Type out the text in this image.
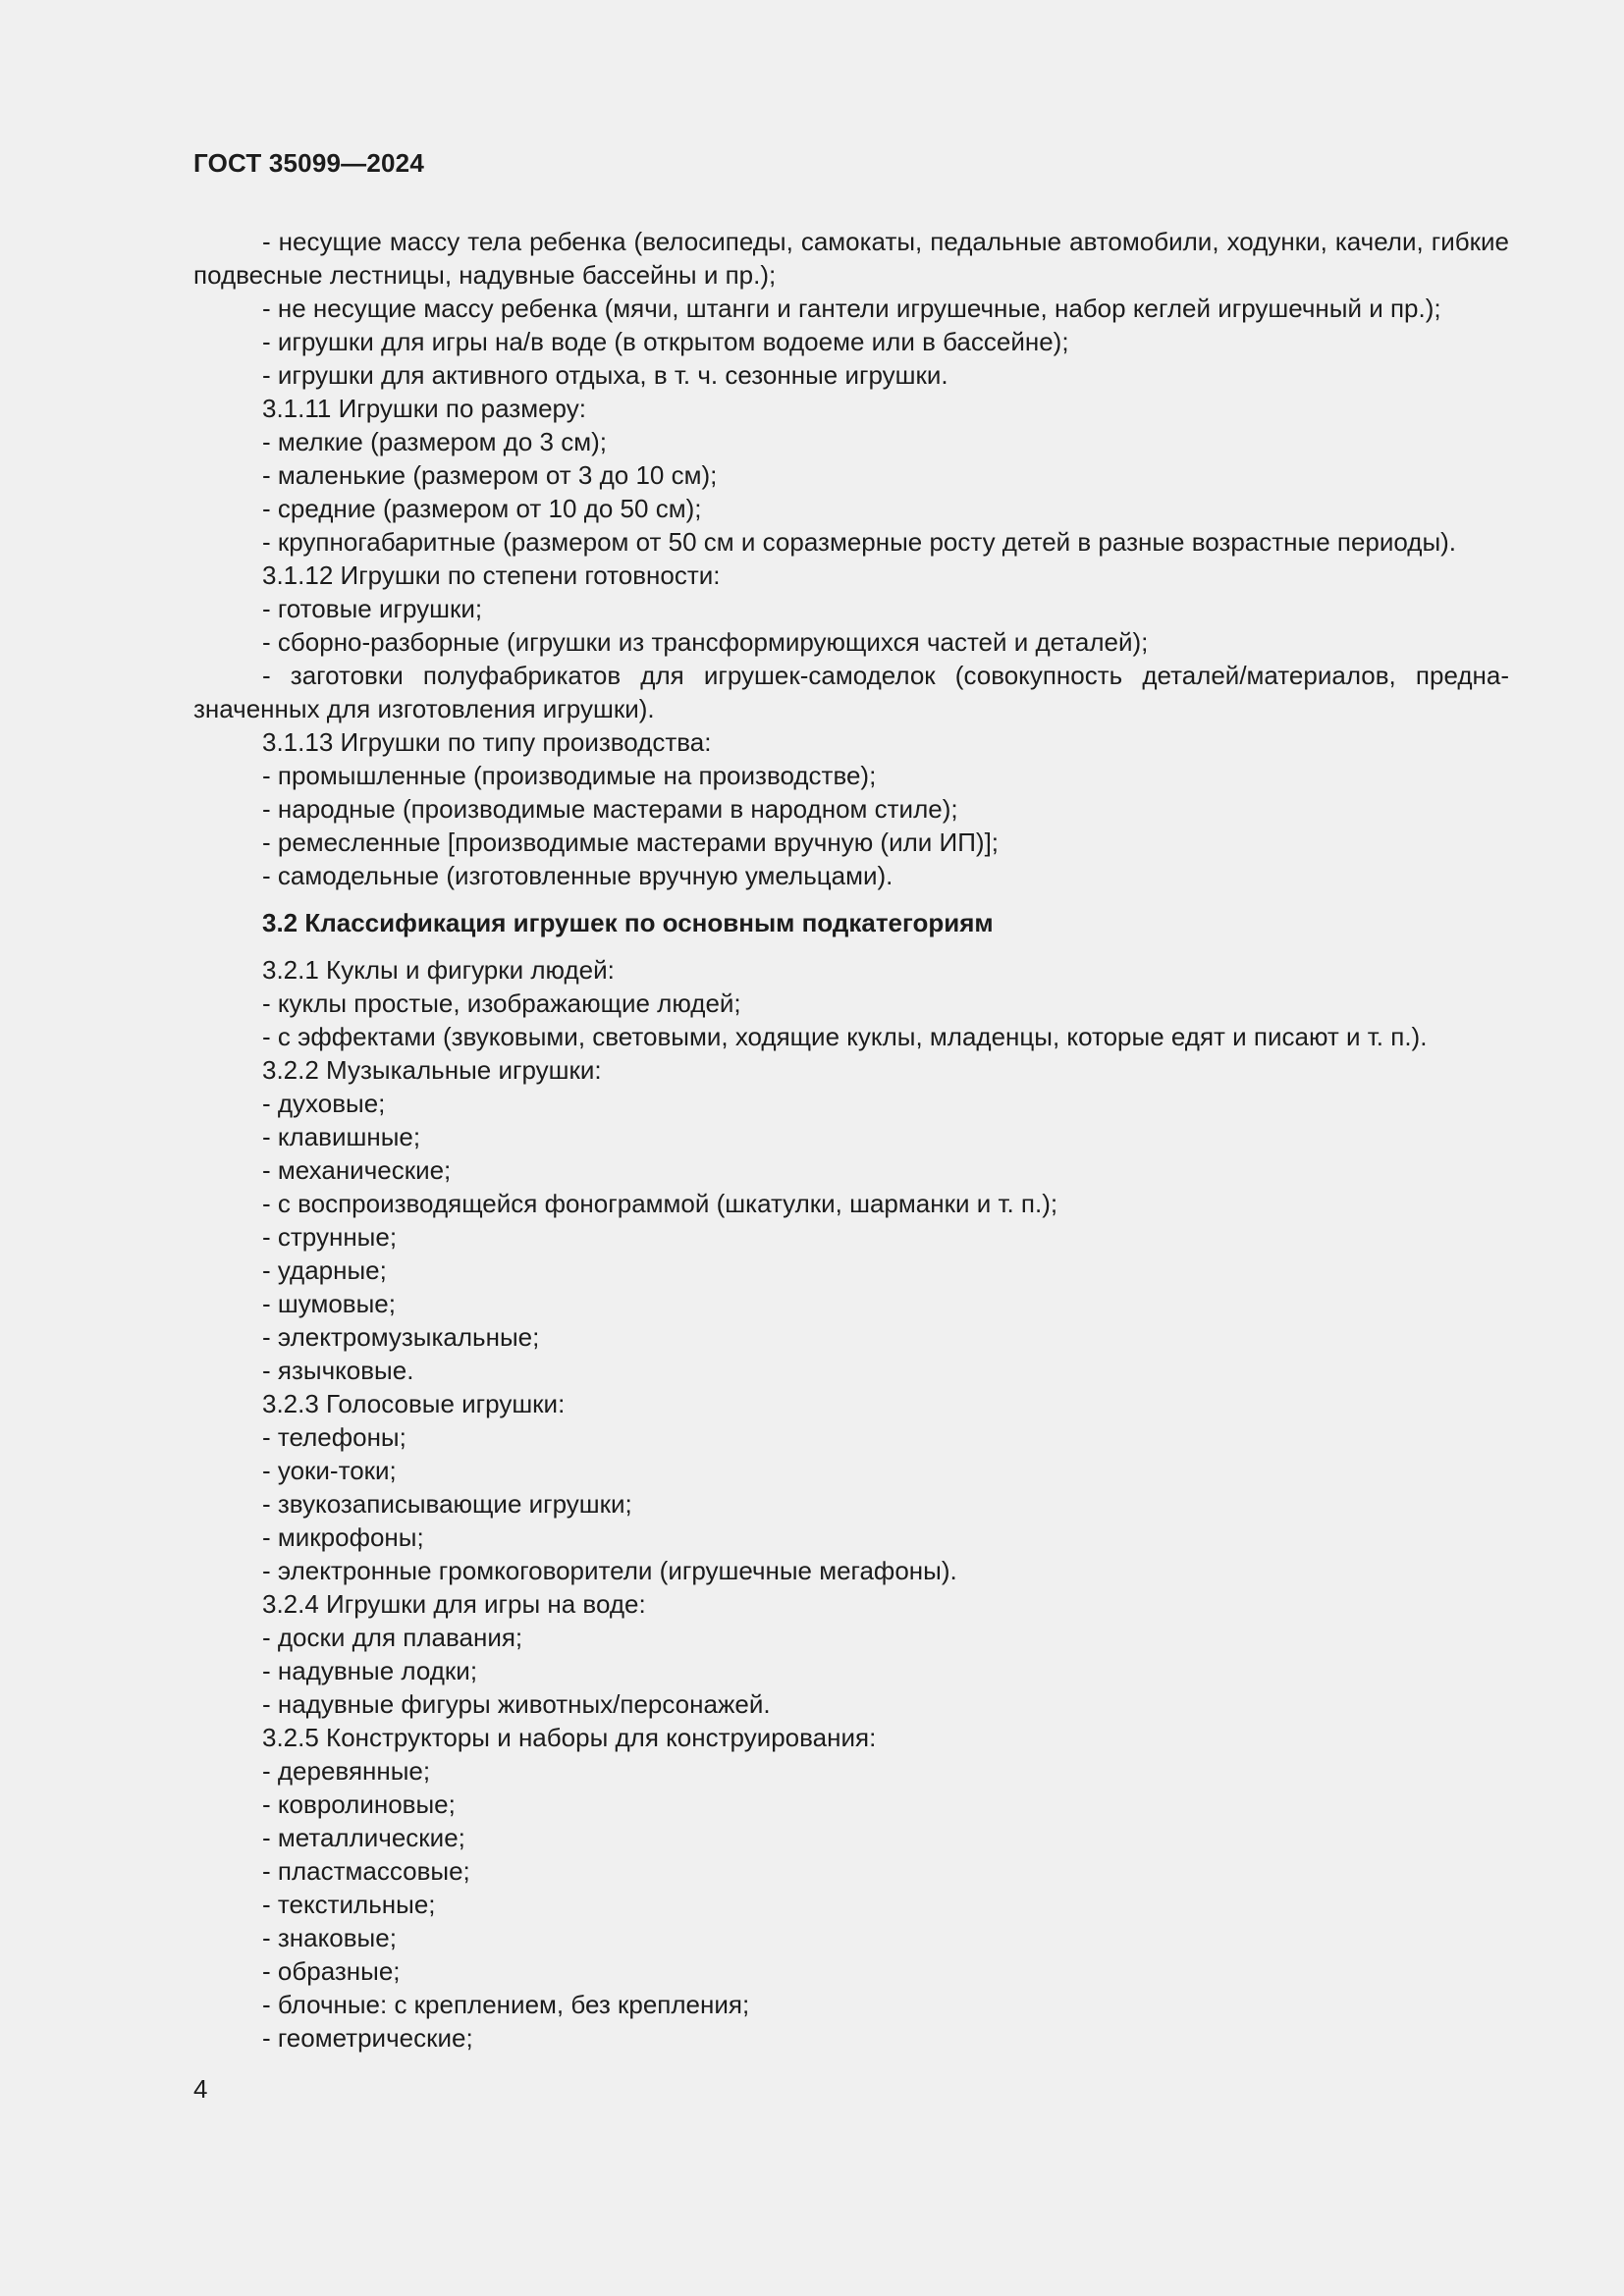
ГОСТ 35099—2024
- несущие массу тела ребенка (велосипеды, самокаты, педальные автомобили, ходунки, качели, гибкие подвесные лестницы, надувные бассейны и пр.);
- не несущие массу ребенка (мячи, штанги и гантели игрушечные, набор кеглей игрушечный и пр.);
- игрушки для игры на/в воде (в открытом водоеме или в бассейне);
- игрушки для активного отдыха, в т. ч. сезонные игрушки.
3.1.11 Игрушки по размеру:
- мелкие (размером до 3 см);
- маленькие (размером от 3 до 10 см);
- средние (размером от 10 до 50 см);
- крупногабаритные (размером от 50 см и соразмерные росту детей в разные возрастные периоды).
3.1.12 Игрушки по степени готовности:
- готовые игрушки;
- сборно-разборные (игрушки из трансформирующихся частей и деталей);
- заготовки полуфабрикатов для игрушек-самоделок (совокупность деталей/материалов, предназначенных для изготовления игрушки).
3.1.13 Игрушки по типу производства:
- промышленные (производимые на производстве);
- народные (производимые мастерами в народном стиле);
- ремесленные [производимые мастерами вручную (или ИП)];
- самодельные (изготовленные вручную умельцами).
3.2 Классификация игрушек по основным подкатегориям
3.2.1 Куклы и фигурки людей:
- куклы простые, изображающие людей;
- с эффектами (звуковыми, световыми, ходящие куклы, младенцы, которые едят и писают и т. п.).
3.2.2 Музыкальные игрушки:
- духовые;
- клавишные;
- механические;
- с воспроизводящейся фонограммой (шкатулки, шарманки и т. п.);
- струнные;
- ударные;
- шумовые;
- электромузыкальные;
- язычковые.
3.2.3 Голосовые игрушки:
- телефоны;
- уоки-токи;
- звукозаписывающие игрушки;
- микрофоны;
- электронные громкоговорители (игрушечные мегафоны).
3.2.4 Игрушки для игры на воде:
- доски для плавания;
- надувные лодки;
- надувные фигуры животных/персонажей.
3.2.5 Конструкторы и наборы для конструирования:
- деревянные;
- ковролиновые;
- металлические;
- пластмассовые;
- текстильные;
- знаковые;
- образные;
- блочные: с креплением, без крепления;
- геометрические;
4
